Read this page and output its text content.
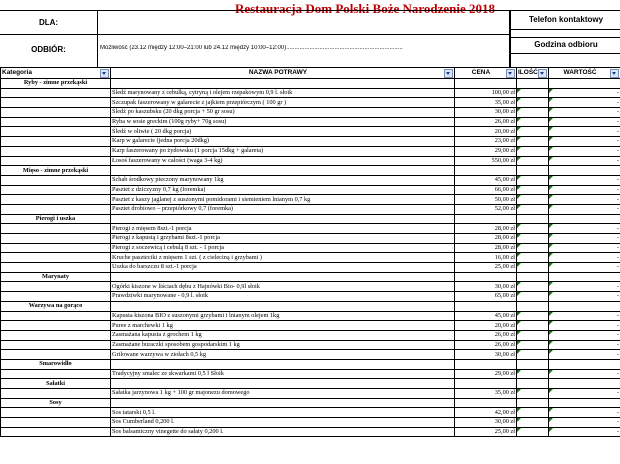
Restauracja Dom Polski Boże Narodzenie 2018
DLA:
ODBIÓR:	Możliwość (23.12 między 12:00–21:00 lub 24.12 między 10:00–12:00)......................................................................
Telefon kontaktowy
Godzina odbioru
Kategoria	NAZWA POTRAWY	CENA	ILOŚĆ	WARTOŚĆ

Ryby - zimne przekąski				
	Śledź marynowany z cebulką, cytryną i olejem rzepakowym 0,9 l. słoik	100,00 zł		-
	Szczupak faszerowany w galarecie z jajkiem przepiórczym ( 100 gr )	35,00 zł		-
	Śledź po kaszubsku (20 dkg porcja + 50 gr sosu)	30,00 zł		-
	Ryba w sosie greckim (100g ryby+ 70g sosu)	26,00 zł		-
	Śledź w oliwie ( 20 dkg porcja)	20,00 zł		-
	Karp w galarecie (jedna porcja 20dkg)	23,00 zł		-
	Karp faszerowany po żydowsku (1 porcja 15dkg + galareta)	29,00 zł		-
	Łosoś faszerowany w całości (waga 3-4 kg)	550,00 zł		-
Mięso - zimne przekąski				
	Schab środkowy pieczony marynowany 1kg	45,00 zł		-
	Pasztet z dziczyzny 0,7 kg (foremka)	66,00 zł		-
	Pasztet z kaszy jaglanej z suszonymi pomidorami i siemieniem lnianym 0,7 kg	50,00 zł		-
	Pasztet drobiowo – przepiórkowy 0,7 (foremka)	52,00 zł		-
Pierogi i uszka				
	Pierogi z mięsem 8szt.-1 porcja	28,00 zł		-
	Pierogi z kapustą i grzybami 8szt.-1 porcja	28,00 zł		-
	Pierogi z soczewicą i cebulą 8 szt. - 1 porcja	28,00 zł		-
	Kruche paszteciki z mięsem 1 szt. ( z cieleciną i grzybami )	16,00 zł		-
	Uszka do barszczu 8 szt.-1 porcja	25,00 zł		-
Marynaty				
	Ogórki kiszone w liściach dębu z Hajnówki Bio- 0,9l słoik	30,00 zł		-
	Prawdziwki marynowane - 0,9 l. słoik	65,00 zł		-
Warzywa na gorąco				
	Kapusta kiszona BIO z suszonymi grzybami i lnianym olejem 1kg	45,00 zł		-
	Puree z marchewki 1 kg	20,00 zł		-
	Zasmażana kapusta z grochem 1 kg	26,00 zł		-
	Zasmażane buraczki sposobem gospodarskim 1 kg	26,00 zł		-
	Grilowane warzywa w ziołach 0,5 kg	30,00 zł		-
Smarowidło				
	Tradycyjny smalec ze skwarkami 0,5 l Słoik	29,00 zł		-
Sałatki				
	Sałatka jarzynowa 1 kg + 100 gr majonezu domowego	35,00 zł		-
Sosy				
	Sos tatarski 0,5 l.	42,00 zł		-
	Sos Cumberland 0,200 l.	30,00 zł		-
	Sos balsamiczny vinegette do sałaty 0,200 l.	25,00 zł		-
